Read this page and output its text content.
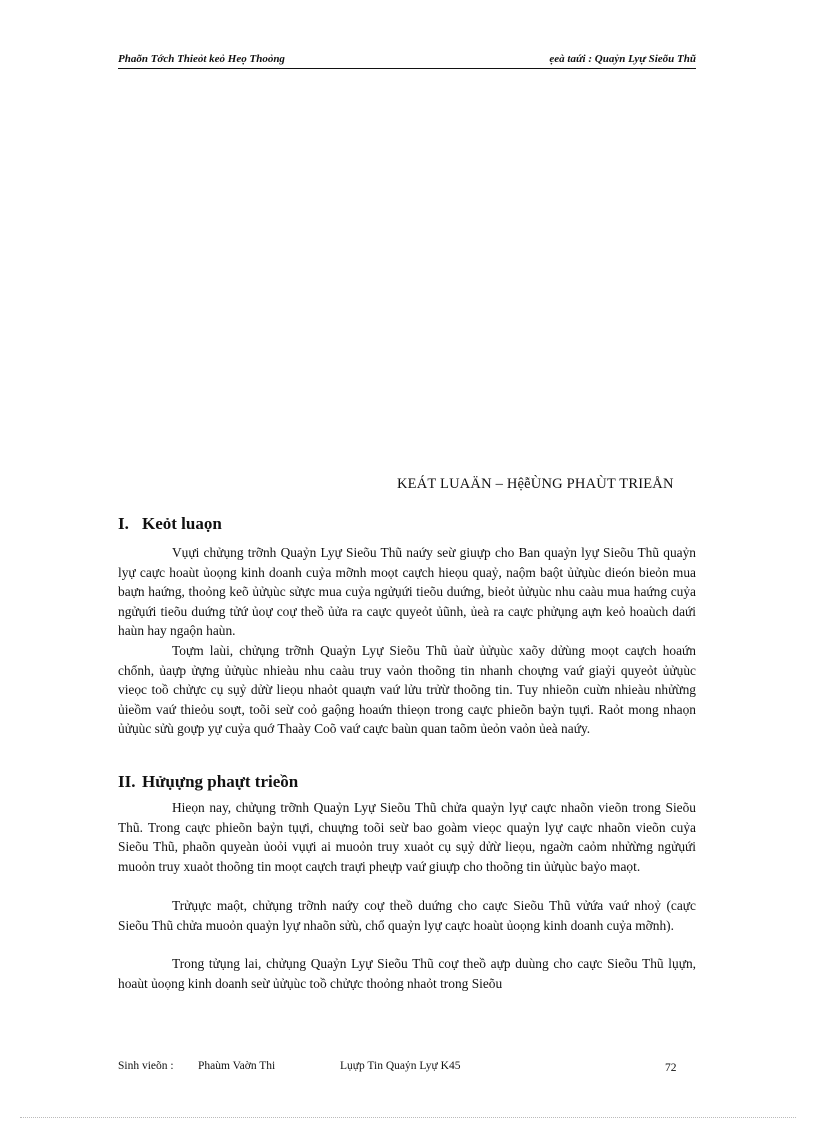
Phaõn Tớch Thieỏt keỏ Heọ Thoỏng	ẹeà taứi : Quaỷn Lyự Sieõu Thũ
KEÁT LUAÄN – HệễÙNG PHAÙT TRIEÅN
I. Keỏt luaọn

Vụựi chửụng trỡnh Quaỷn Lyự Sieõu Thũ naứy seừ giuựp cho Ban quaỷn lyự Sieõu Thũ quaỷn lyự caực hoaùt ủoọng kinh doanh cuỷa mỡnh moọt caựch hieọu quaỷ, naộm baột ủửụùc dieón bieỏn mua baựn haứng, thoỏng keõ ủửụùc sửực mua cuỷa ngửụứi tieõu duứng, bieỏt ủửụùc nhu caàu mua haứng cuỷa ngửụứi tieõu duứng tửứ ủoự coự theồ ủửa ra caực quyeỏt ủũnh, ủeà ra caực phửụng aựn keỏ hoaùch daứi haùn hay ngaộn haùn.

Toựm laùi, chửụng trỡnh Quaỷn Lyự Sieõu Thũ ủaừ ủửụùc xaõy dửùng moọt caựch hoaứn chổnh, ủaựp ửựng ủửụùc nhieàu nhu caàu truy vaỏn thoõng tin nhanh choựng vaứ giaỷi quyeỏt ủửụùc vieọc toồ chửực cụ sụỷ dửừ lieọu nhaỏt quaựn vaứ lửu trửừ thoõng tin. Tuy nhieõn cuừn nhieàu nhửừng ủieồm vaứ thieỏu soựt, toõi seừ coỏ gaộng hoaứn thieọn trong caực phieõn baỷn tụựi. Raỏt mong nhaọn ủửụùc sửù goựp yự cuỷa quớ Thaày Coõ vaứ caực baùn quan taõm ủeỏn vaỏn ủeà naứy.

II. Hửụựng phaựt trieồn

Hieọn nay, chửụng trỡnh Quaỷn Lyự Sieõu Thũ chửa quaỷn lyự caực nhaõn vieõn trong Sieõu Thũ. Trong caực phieõn baỷn tụựi, chuựng toõi seừ bao goàm vieọc quaỷn lyự caực nhaõn vieõn cuỷa Sieõu Thũ, phaõn quyeàn ủoỏi vụựi ai muoỏn truy xuaỏt cụ sụỷ dửừ lieọu, ngaờn caỏm nhửừng ngửụứi muoỏn truy xuaỏt thoõng tin moọt caựch traựi pheựp vaứ giuựp cho thoõng tin ủửụùc baỷo maọt.

Trửụực maột, chửụng trỡnh naứy coự theồ duứng cho caực Sieõu Thũ vửứa vaứ nhoỷ (caực Sieõu Thũ chửa muoỏn quaỷn lyự nhaõn sửù, chổ quaỷn lyự caực hoaùt ủoọng kinh doanh cuỷa mỡnh).

Trong tửụng lai, chửụng Quaỷn Lyự Sieõu Thũ coự theồ aựp duùng cho caực Sieõu Thũ lụựn, hoaùt ủoọng kinh doanh seừ ủửụùc toồ chửực thoỏng nhaỏt trong Sieõu

Sinh vieõn : Phaùm Vaờn Thi	Lụựp Tin Quaỷn Lyự K45	72
